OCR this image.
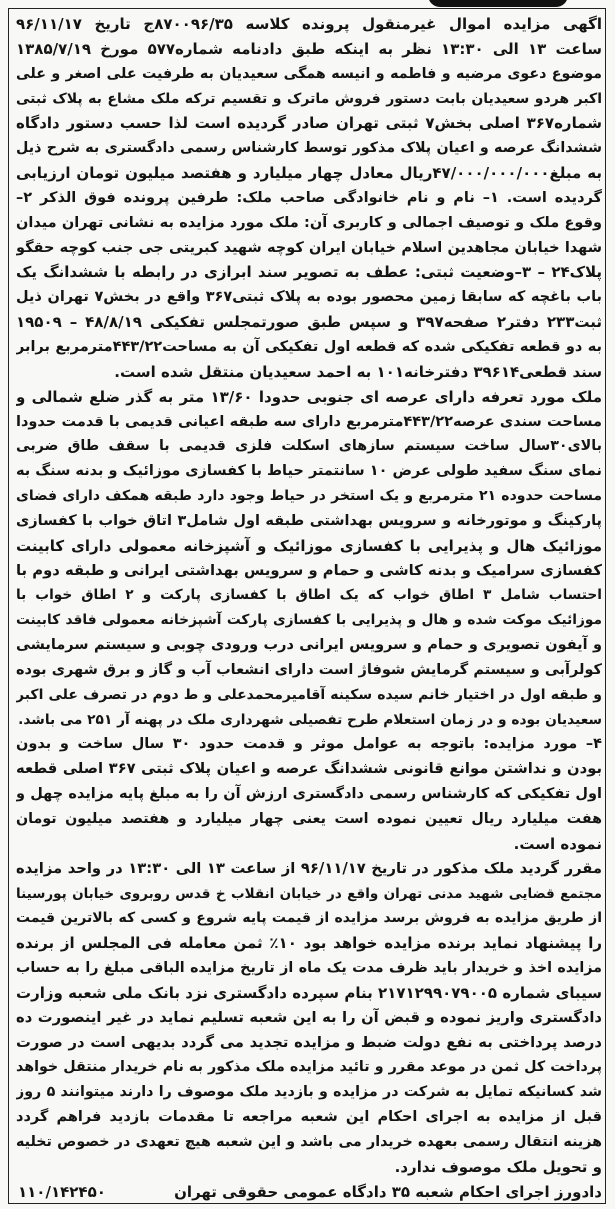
اگهی مزایده اموال غیرمنقول پرونده کلاسه ۸۷۰۰۹۶/۳۵ج تاریخ ۹۶/۱۱/۱۷
ساعت ۱۳ الی ۱۳:۳۰ نظر به اینکه طبق دادنامه شماره۵۷۷ مورخ ۱۳۸۵/۷/۱۹
موضوع دعوی مرضیه و فاطمه و انیسه همگی سعیدیان به طرفیت علی اصغر و علی
اکبر هردو سعیدیان بابت دستور فروش ماترک و تقسیم ترکه ملک مشاع به پلاک ثبتی
شماره۳۶۷ اصلی بخش۷ ثبتی تهران صادر گردیده است لذا حسب دستور دادگاه
ششدانگ عرصه و اعیان پلاک مذکور توسط کارشناس رسمی دادگستری به شرح ذیل
به مبلغ۴۷/۰۰۰/۰۰۰/۰۰۰ریال معادل چهار میلیارد و هفتصد میلیون تومان ارزیابی
گردیده است. ۱– نام و نام خانوادگی صاحب ملک: طرفین پرونده فوق الذکر ۲–
وقوع ملک و توصیف اجمالی و کاربری آن: ملک مورد مزایده به نشانی تهران میدان
شهدا خیابان مجاهدین اسلام خیابان ایران کوچه شهید کبریتی جی جنب کوچه حقگو
پلاک۲۴ – ۳–وضعیت ثبتی: عطف به تصویر سند ابرازی در رابطه با ششدانگ یک
باب باغچه که سابقا زمین محصور بوده به پلاک ثبتی۳۶۷ واقع در بخش۷ تهران ذیل
ثبت۲۳۳ دفتر۲ صفحه۳۹۷ و سپس طبق صورتمجلس تفکیکی ۴۸/۸/۱۹ – ۱۹۵۰۹
به دو قطعه تفکیکی شده که قطعه اول تفکیکی آن به مساحت۴۴۳/۲۲مترمربع برابر
سند قطعی۳۹۶۱۴ دفترخانه۱۰۱ به احمد سعیدیان منتقل شده است.
ملک مورد تعرفه دارای عرصه ای جنوبی حدودا ۱۳/۶۰ متر به گذر ضلع شمالی و
مساحت سندی عرصه۴۴۳/۲۲مترمربع دارای سه طبقه اعیانی قدیمی با قدمت حدودا
بالای۳۰سال ساخت سیستم سازهای اسکلت فلزی قدیمی با سقف طاق ضربی
نمای سنگ سفید طولی عرض ۱۰ سانتمتر حیاط با کفسازی موزائیک و بدنه سنگ به
مساحت حدوده ۲۱ مترمربع و یک استخر در حیاط وجود دارد طبقه همکف دارای فضای
پارکینگ و موتورخانه و سرویس بهداشتی طبقه اول شامل۳ اتاق خواب با کفسازی
موزائیک هال و پذیرایی با کفسازی موزائیک و آشپزخانه معمولی دارای کابینت
کفسازی سرامیک و بدنه کاشی و حمام و سرویس بهداشتی ایرانی و طبقه دوم با
احتساب شامل ۳ اطاق خواب که یک اطاق با کفسازی پارکت و ۲ اطاق خواب با
موزائیک موکت شده و هال و پذیرایی با کفسازی پارکت آشپزخانه معمولی فاقد کابینت
و آیفون تصویری و حمام و سرویس ایرانی درب ورودی چوبی و سیستم سرمایشی
کولرآبی و سیستم گرمایش شوفاژ است دارای انشعاب آب و گاز و برق شهری بوده
و طبقه اول در اختیار خانم سیده سکینه آقامیرمحمدعلی و ط دوم در تصرف علی اکبر
سعیدیان بوده و در زمان استعلام طرح تفصیلی شهرداری ملک در پهنه آر ۲۵۱ می باشد.
۴– مورد مزایده: باتوجه به عوامل موثر و قدمت حدود ۳۰ سال ساخت و بدون
بودن و نداشتن موانع قانونی ششدانگ عرصه و اعیان پلاک ثبتی ۳۶۷ اصلی قطعه
اول تفکیکی که کارشناس رسمی دادگستری ارزش آن را به مبلغ پایه مزایده چهل و
هفت میلیارد ریال تعیین نموده است یعنی چهار میلیارد و هفتصد میلیون تومان
نموده است.
مقرر گردید ملک مذکور در تاریخ ۹۶/۱۱/۱۷ از ساعت ۱۳ الی ۱۳:۳۰ در واحد مزایده
مجتمع قضایی شهید مدنی تهران واقع در خیابان انقلاب خ قدس روبروی خیابان پورسینا
از طریق مزایده به فروش برسد مزایده از قیمت پایه شروع و کسی که بالاترین قیمت
را پیشنهاد نماید برنده مزایده خواهد بود ۱۰٪ ثمن معامله فی المجلس از برنده
مزایده اخذ و خریدار باید ظرف مدت یک ماه از تاریخ مزایده الباقی مبلغ را به حساب
سیبای شماره ۲۱۷۱۲۹۹۰۷۹۰۰۵ بنام سپرده دادگستری نزد بانک ملی شعبه وزارت
دادگستری واریز نموده و قبض آن را به این شعبه تسلیم نماید در غیر اینصورت ده
درصد پرداختی به نفع دولت ضبط و مزایده تجدید می گردد بدیهی است در صورت
پرداخت کل ثمن در موعد مقرر و تائید مزایده ملک مذکور به نام خریدار منتقل خواهد
شد کسانیکه تمایل به شرکت در مزایده و بازدید ملک موصوف را دارند میتوانند ۵ روز
قبل از مزایده به اجرای احکام این شعبه مراجعه تا مقدمات بازدید فراهم گردد
هزینه انتقال رسمی بعهده خریدار می باشد و این شعبه هیچ تعهدی در خصوص تخلیه
و تحویل ملک موصوف ندارد.
دادورز اجرای احکام شعبه ۳۵ دادگاه عمومی حقوقی تهران
۱۱۰/۱۴۲۴۵۰
